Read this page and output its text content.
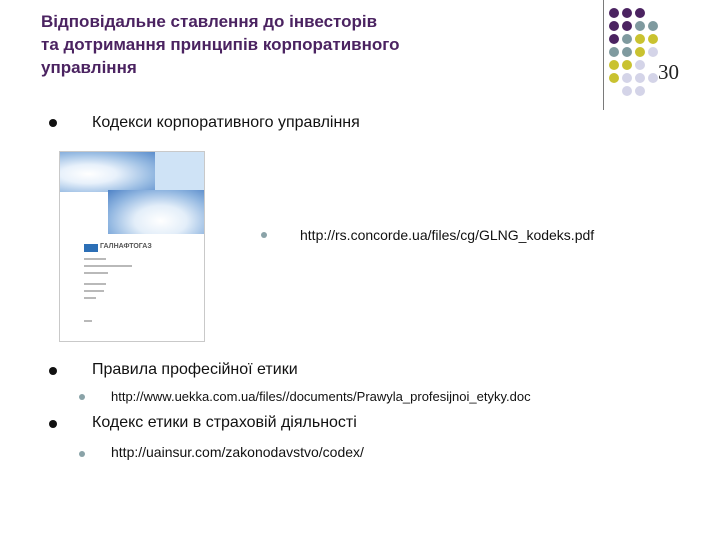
Відповідальне ставлення до інвесторів
та дотримання принципів корпоративного
управління	30
Кодекси корпоративного управління
ГАЛНАФТОГАЗ
http://rs.concorde.ua/files/cg/GLNG_kodeks.pdf
Правила професійної етики
http://www.uekka.com.ua/files//documents/Prawyla_profesijnoi_etyky.doc
Кодекс етики в страховій діяльності
http://uainsur.com/zakonodavstvo/codex/
